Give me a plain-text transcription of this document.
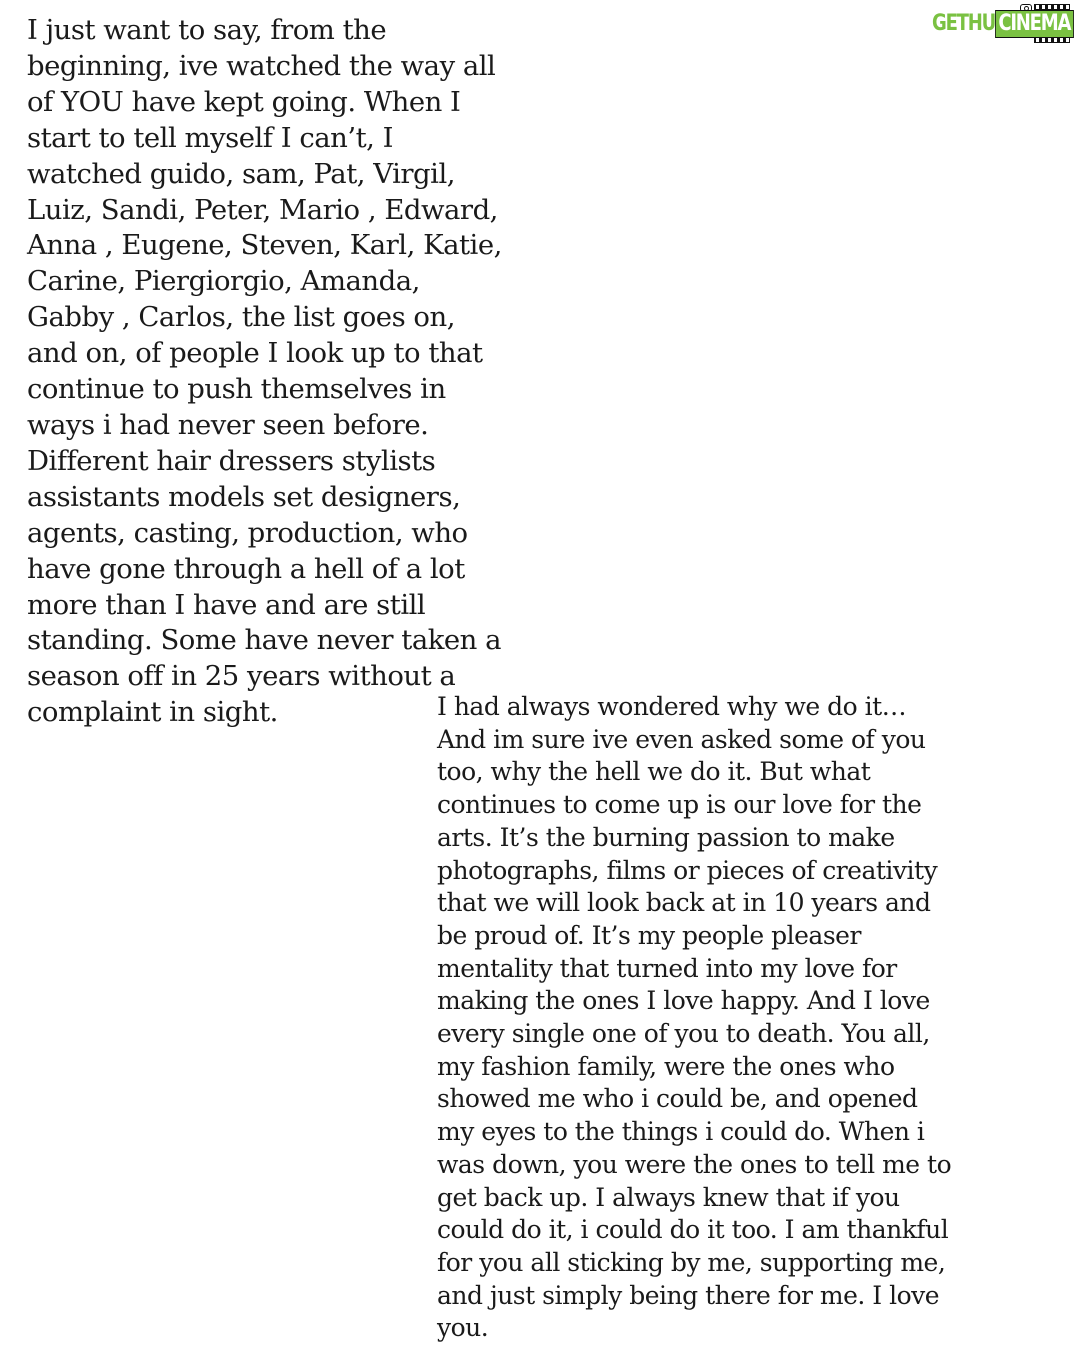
GETHU CINEMA

I just want to say, from the
beginning, ive watched the way all
of YOU have kept going. When I
start to tell myself I can’t, I
watched guido, sam, Pat, Virgil,
Luiz, Sandi, Peter, Mario , Edward,
Anna , Eugene, Steven, Karl, Katie,
Carine, Piergiorgio, Amanda,
Gabby , Carlos, the list goes on,
and on, of people I look up to that
continue to push themselves in
ways i had never seen before.
Different hair dressers stylists
assistants models set designers,
agents, casting, production, who
have gone through a hell of a lot
more than I have and are still
standing. Some have never taken a
season off in 25 years without a
complaint in sight.	I had always wondered why we do it…
And im sure ive even asked some of you
too, why the hell we do it. But what
continues to come up is our love for the
arts. It’s the burning passion to make
photographs, films or pieces of creativity
that we will look back at in 10 years and
be proud of. It’s my people pleaser
mentality that turned into my love for
making the ones I love happy. And I love
every single one of you to death. You all,
my fashion family, were the ones who
showed me who i could be, and opened
my eyes to the things i could do. When i
was down, you were the ones to tell me to
get back up. I always knew that if you
could do it, i could do it too. I am thankful
for you all sticking by me, supporting me,
and just simply being there for me. I love
you.
